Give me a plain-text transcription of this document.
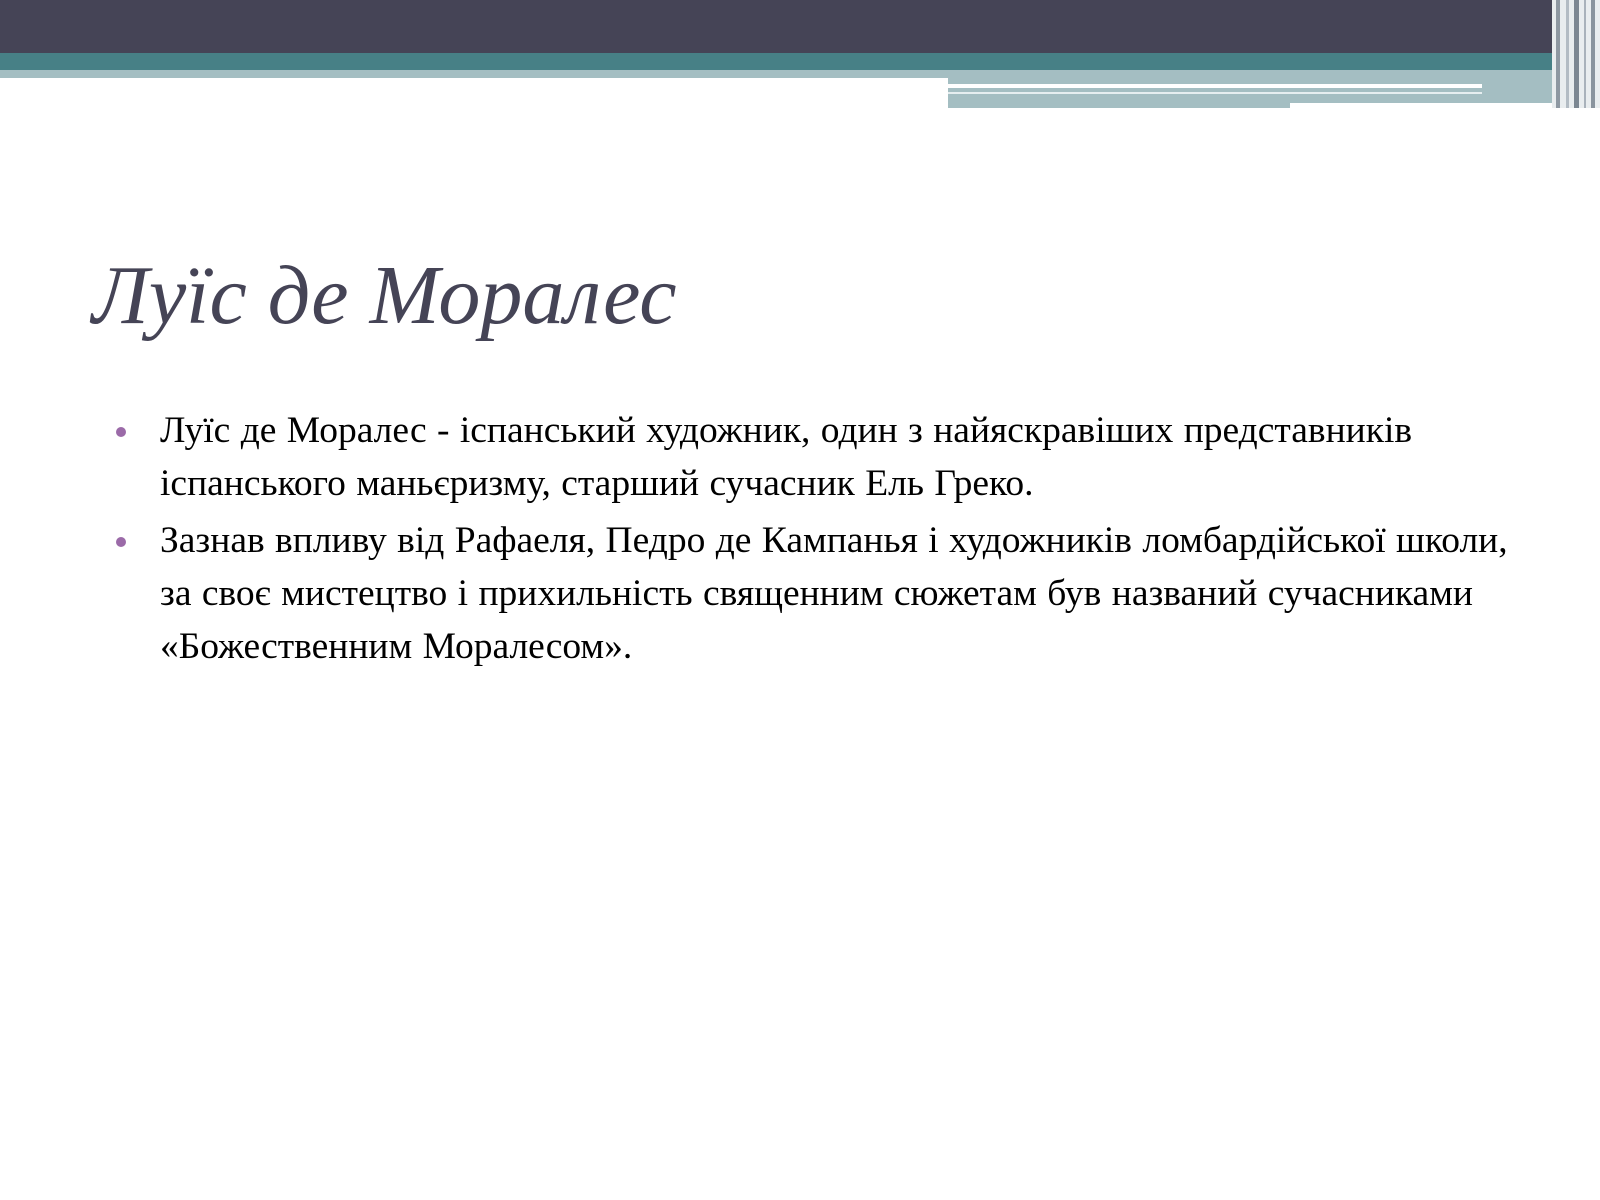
Луїс де Моралес
Луїс де Моралес - іспанський художник, один з найяскравіших представників іспанського маньєризму, старший сучасник Ель Греко.
Зазнав впливу від Рафаеля, Педро де Кампанья і художників ломбардійської школи, за своє мистецтво і прихильність священним сюжетам був названий сучасниками «Божественним Моралесом».
